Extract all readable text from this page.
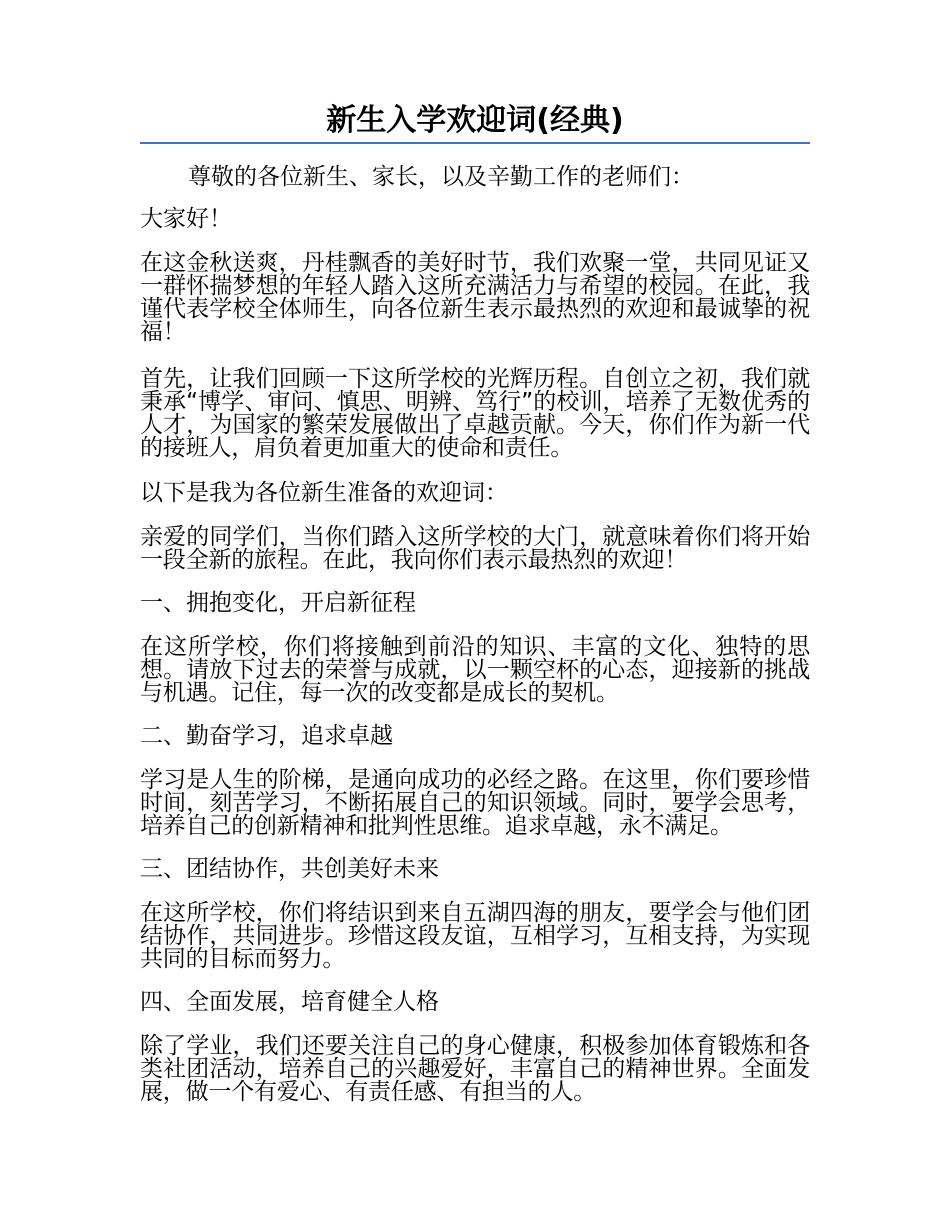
新生入学欢迎词(经典)

尊敬的各位新生、家长，以及辛勤工作的老师们：

大家好！

在这金秋送爽，丹桂飘香的美好时节，我们欢聚一堂，共同见证又一群怀揣梦想的年轻人踏入这所充满活力与希望的校园。在此，我谨代表学校全体师生，向各位新生表示最热烈的欢迎和最诚挚的祝福！

首先，让我们回顾一下这所学校的光辉历程。自创立之初，我们就秉承“博学、审问、慎思、明辨、笃行”的校训，培养了无数优秀的人才，为国家的繁荣发展做出了卓越贡献。今天，你们作为新一代的接班人，肩负着更加重大的使命和责任。

以下是我为各位新生准备的欢迎词：

亲爱的同学们，当你们踏入这所学校的大门，就意味着你们将开始一段全新的旅程。在此，我向你们表示最热烈的欢迎！

一、拥抱变化，开启新征程

在这所学校，你们将接触到前沿的知识、丰富的文化、独特的思想。请放下过去的荣誉与成就，以一颗空杯的心态，迎接新的挑战与机遇。记住，每一次的改变都是成长的契机。

二、勤奋学习，追求卓越

学习是人生的阶梯，是通向成功的必经之路。在这里，你们要珍惜时间，刻苦学习，不断拓展自己的知识领域。同时，要学会思考，培养自己的创新精神和批判性思维。追求卓越，永不满足。

三、团结协作，共创美好未来

在这所学校，你们将结识到来自五湖四海的朋友，要学会与他们团结协作，共同进步。珍惜这段友谊，互相学习，互相支持，为实现共同的目标而努力。

四、全面发展，培育健全人格

除了学业，我们还要关注自己的身心健康，积极参加体育锻炼和各类社团活动，培养自己的兴趣爱好，丰富自己的精神世界。全面发展，做一个有爱心、有责任感、有担当的人。
